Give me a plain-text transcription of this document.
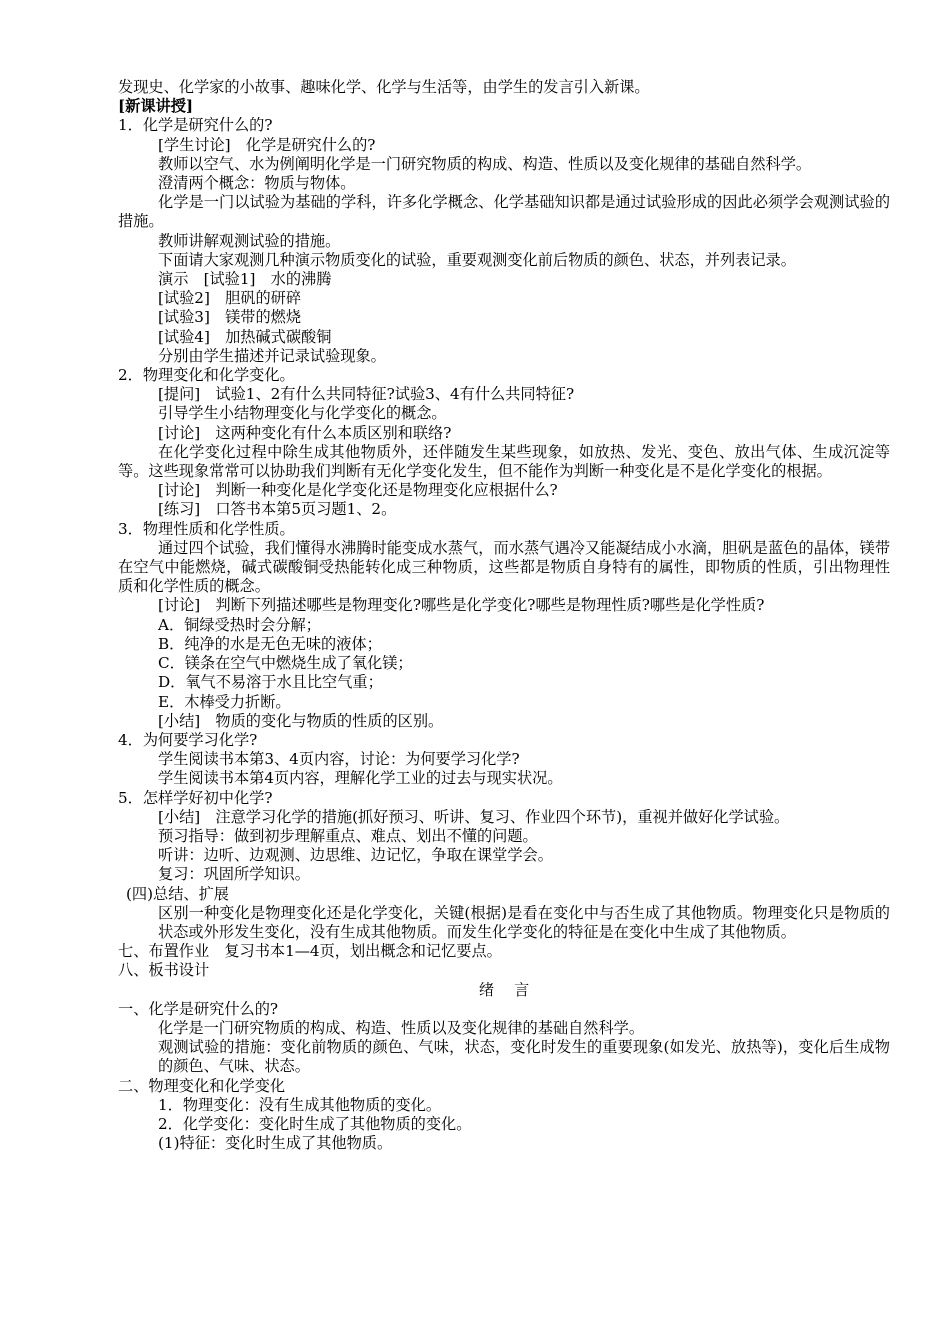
发现史、化学家的小故事、趣味化学、化学与生活等，由学生的发言引入新课。

[新课讲授]

1．化学是研究什么的?

[学生讨论]　化学是研究什么的?

教师以空气、水为例阐明化学是一门研究物质的构成、构造、性质以及变化规律的基础自然科学。

澄清两个概念：物质与物体。

化学是一门以试验为基础的学科，许多化学概念、化学基础知识都是通过试验形成的因此必须学会观测试验的措施。

教师讲解观测试验的措施。

下面请大家观测几种演示物质变化的试验，重要观测变化前后物质的颜色、状态，并列表记录。

演示　[试验1]　水的沸腾

[试验2]　胆矾的研碎

[试验3]　镁带的燃烧

[试验4]　加热碱式碳酸铜

分别由学生描述并记录试验现象。

2．物理变化和化学变化。

[提问]　试验1、2有什么共同特征?试验3、4有什么共同特征?

引导学生小结物理变化与化学变化的概念。

[讨论]　这两种变化有什么本质区别和联络?

在化学变化过程中除生成其他物质外，还伴随发生某些现象，如放热、发光、变色、放出气体、生成沉淀等等。这些现象常常可以协助我们判断有无化学变化发生，但不能作为判断一种变化是不是化学变化的根据。

[讨论]　判断一种变化是化学变化还是物理变化应根据什么?

[练习]　口答书本第5页习题1、2。

3．物理性质和化学性质。

通过四个试验，我们懂得水沸腾时能变成水蒸气，而水蒸气遇冷又能凝结成小水滴，胆矾是蓝色的晶体，镁带在空气中能燃烧，碱式碳酸铜受热能转化成三种物质，这些都是物质自身特有的属性，即物质的性质，引出物理性质和化学性质的概念。

[讨论]　判断下列描述哪些是物理变化?哪些是化学变化?哪些是物理性质?哪些是化学性质?

A．铜绿受热时会分解；

B．纯净的水是无色无味的液体；

C．镁条在空气中燃烧生成了氧化镁；

D．氧气不易溶于水且比空气重；

E．木棒受力折断。

[小结]　物质的变化与物质的性质的区别。

4．为何要学习化学?

学生阅读书本第3、4页内容，讨论：为何要学习化学?

学生阅读书本第4页内容，理解化学工业的过去与现实状况。

5．怎样学好初中化学?

[小结]　注意学习化学的措施(抓好预习、听讲、复习、作业四个环节)，重视并做好化学试验。

预习指导：做到初步理解重点、难点、划出不懂的问题。

听讲：边听、边观测、边思维、边记忆，争取在课堂学会。

复习：巩固所学知识。

(四)总结、扩展

区别一种变化是物理变化还是化学变化，关键(根据)是看在变化中与否生成了其他物质。物理变化只是物质的状态或外形发生变化，没有生成其他物质。而发生化学变化的特征是在变化中生成了其他物质。

七、布置作业　复习书本1—4页，划出概念和记忆要点。

八、板书设计

绪言

一、化学是研究什么的?

化学是一门研究物质的构成、构造、性质以及变化规律的基础自然科学。

观测试验的措施：变化前物质的颜色、气味，状态，变化时发生的重要现象(如发光、放热等)，变化后生成物的颜色、气味、状态。

二、物理变化和化学变化

1．物理变化：没有生成其他物质的变化。

2．化学变化：变化时生成了其他物质的变化。

(1)特征：变化时生成了其他物质。
